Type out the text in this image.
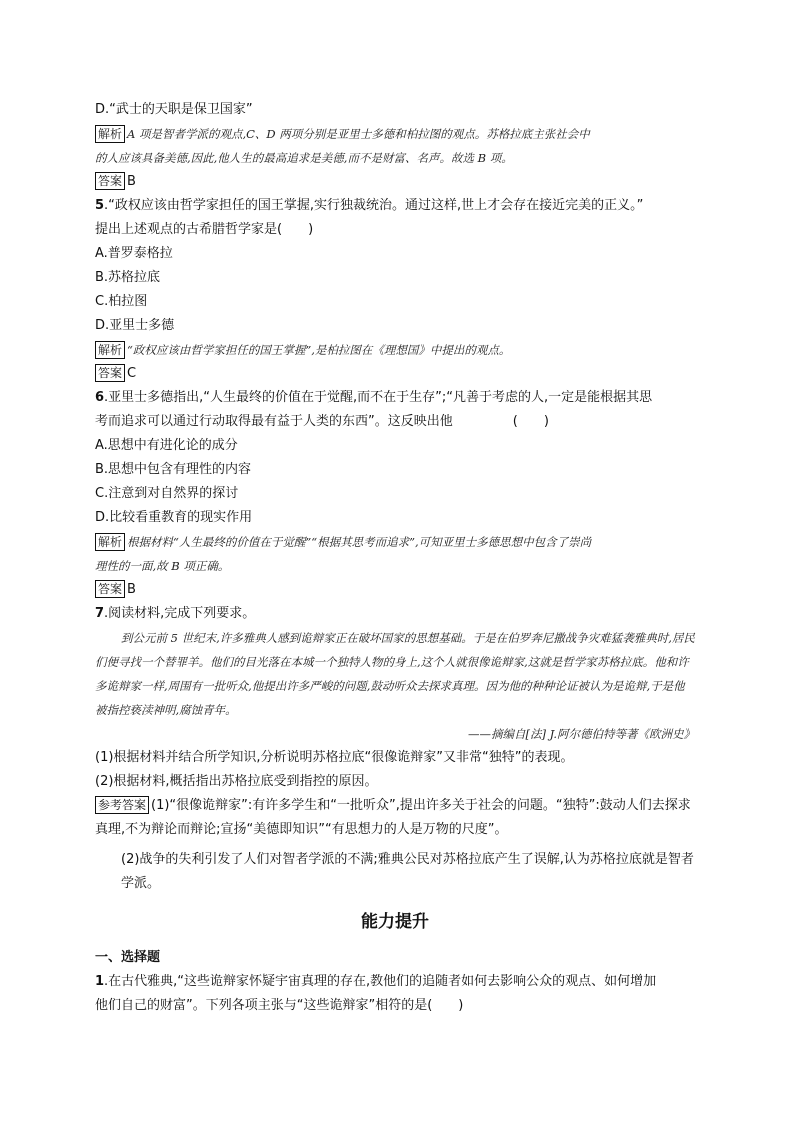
D.“武士的天职是保卫国家”
解析 A 项是智者学派的观点,C、D 两项分别是亚里士多德和柏拉图的观点。苏格拉底主张社会中
的人应该具备美德,因此,他人生的最高追求是美德,而不是财富、名声。故选 B 项。
答案 B
5.“政权应该由哲学家担任的国王掌握,实行独裁统治。通过这样,世上才会存在接近完美的正义。”
提出上述观点的古希腊哲学家是(　　)
A.普罗泰格拉
B.苏格拉底
C.柏拉图
D.亚里士多德
解析 “政权应该由哲学家担任的国王掌握”,是柏拉图在《理想国》中提出的观点。
答案 C
6.亚里士多德指出,“人生最终的价值在于觉醒,而不在于生存”;“凡善于考虑的人,一定是能根据其思
考而追求可以通过行动取得最有益于人类的东西”。这反映出他	(　　)
A.思想中有进化论的成分
B.思想中包含有理性的内容
C.注意到对自然界的探讨
D.比较看重教育的现实作用
解析 根据材料“人生最终的价值在于觉醒”“根据其思考而追求”,可知亚里士多德思想中包含了崇尚
理性的一面,故 B 项正确。
答案 B
7.阅读材料,完成下列要求。
到公元前 5 世纪末,许多雅典人感到诡辩家正在破坏国家的思想基础。于是在伯罗奔尼撒战争灾难猛袭雅典时,居民们便寻找一个替罪羊。他们的目光落在本城一个独特人物的身上,这个人就很像诡辩家,这就是哲学家苏格拉底。他和许多诡辩家一样,周围有一批听众,他提出许多严峻的问题,鼓动听众去探求真理。因为他的种种论证被认为是诡辩,于是他被指控亵渎神明,腐蚀青年。
——摘编自[法] J.阿尔德伯特等著《欧洲史》
(1)根据材料并结合所学知识,分析说明苏格拉底“很像诡辩家”又非常“独特”的表现。
(2)根据材料,概括指出苏格拉底受到指控的原因。
参考答案 (1)“很像诡辩家”:有许多学生和“一批听众”,提出许多关于社会的问题。“独特”:鼓动人们去探求真理,不为辩论而辩论;宣扬“美德即知识”“有思想力的人是万物的尺度”。
(2)战争的失利引发了人们对智者学派的不满;雅典公民对苏格拉底产生了误解,认为苏格拉底就是智者学派。
能力提升
一、选择题
1.在古代雅典,“这些诡辩家怀疑宇宙真理的存在,教他们的追随者如何去影响公众的观点、如何增加
他们自己的财富”。下列各项主张与“这些诡辩家”相符的是(　　)
